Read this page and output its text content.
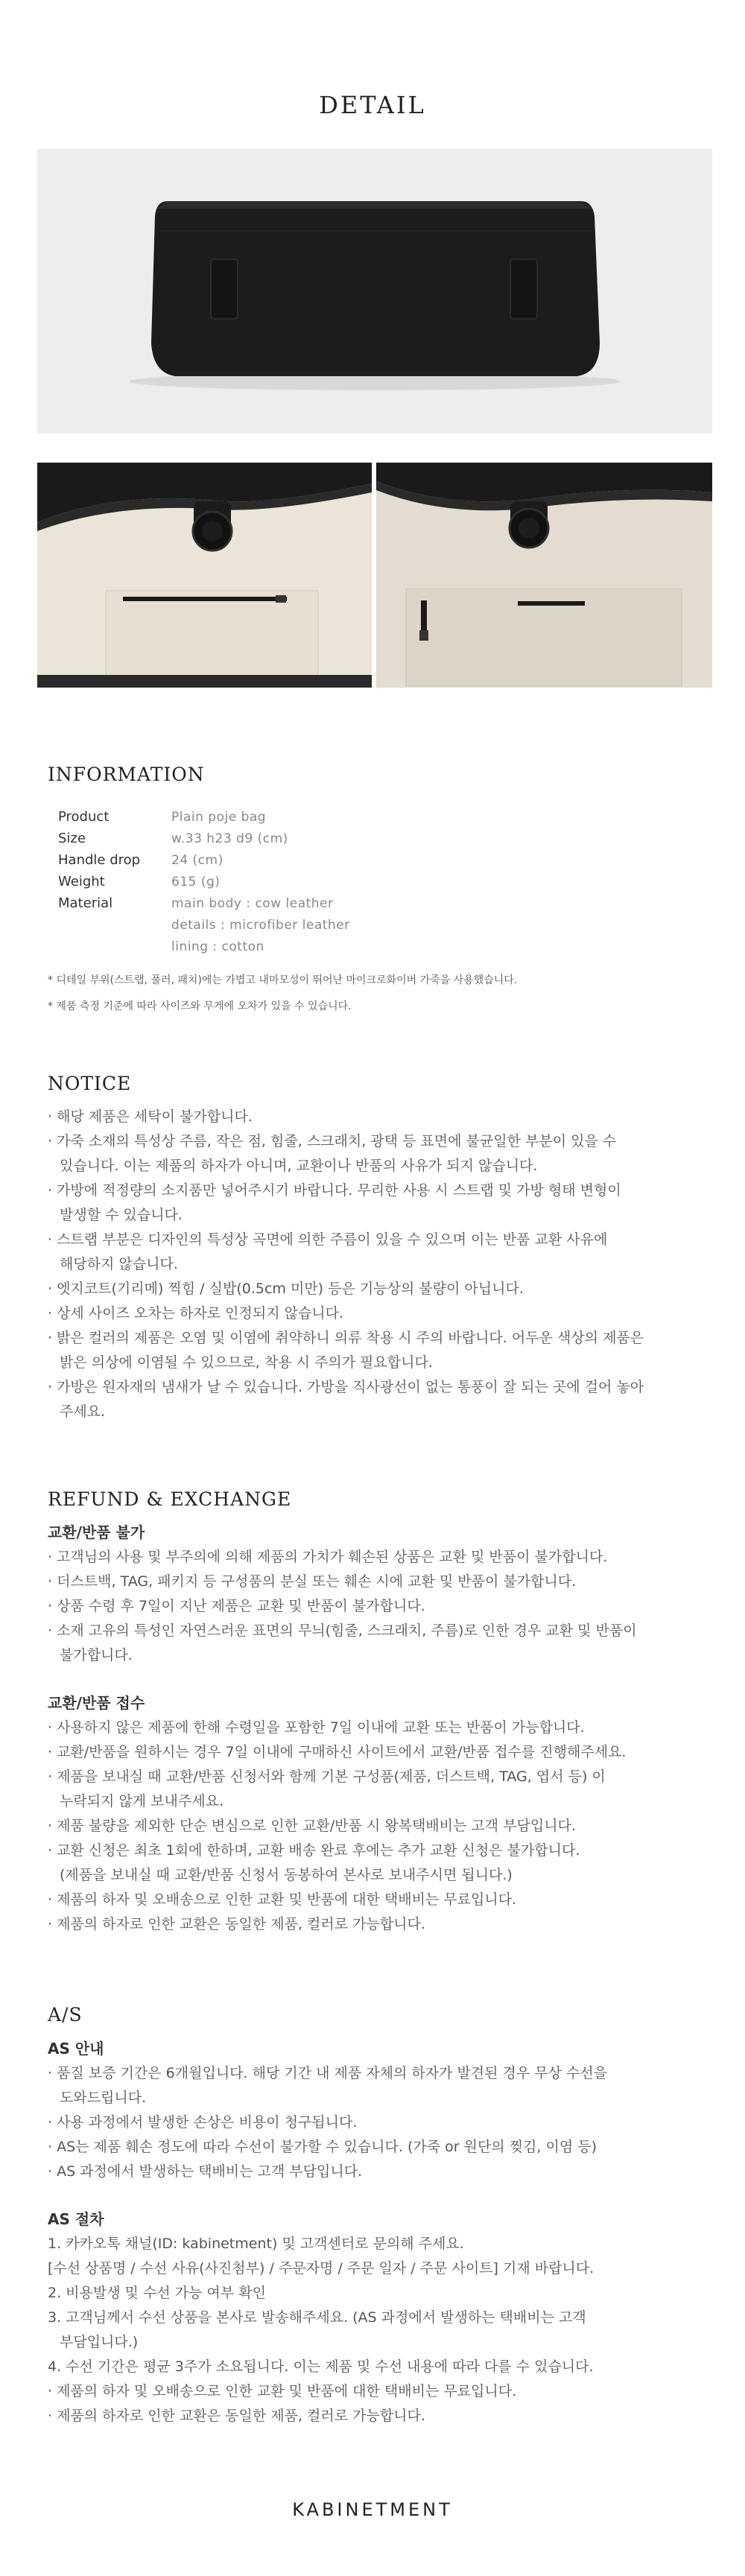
DETAIL
INFORMATION
Product	Plain poje bag
Size	w.33 h23 d9 (cm)
Handle drop	24 (cm)
Weight	615 (g)
Material	main body : cow leather
details : microfiber leather
lining : cotton
* 디테일 부위(스트랩, 풀러, 패치)에는 가볍고 내마모성이 뛰어난 마이크로화이버 가죽을 사용했습니다.
* 제품 측정 기준에 따라 사이즈와 무게에 오차가 있을 수 있습니다.
NOTICE
· 해당 제품은 세탁이 불가합니다.
· 가죽 소재의 특성상 주름, 작은 점, 힘줄, 스크래치, 광택 등 표면에 불균일한 부분이 있을 수
있습니다. 이는 제품의 하자가 아니며, 교환이나 반품의 사유가 되지 않습니다.
· 가방에 적정량의 소지품만 넣어주시기 바랍니다. 무리한 사용 시 스트랩 및 가방 형태 변형이
발생할 수 있습니다.
· 스트랩 부분은 디자인의 특성상 곡면에 의한 주름이 있을 수 있으며 이는 반품 교환 사유에
해당하지 않습니다.
· 엣지코트(기리메) 찍힘 / 실밥(0.5cm 미만) 등은 기능상의 불량이 아닙니다.
· 상세 사이즈 오차는 하자로 인정되지 않습니다.
· 밝은 컬러의 제품은 오염 및 이염에 취약하니 의류 착용 시 주의 바랍니다. 어두운 색상의 제품은
밝은 의상에 이염될 수 있으므로, 착용 시 주의가 필요합니다.
· 가방은 원자재의 냄새가 날 수 있습니다. 가방을 직사광선이 없는 통풍이 잘 되는 곳에 걸어 놓아
주세요.
REFUND & EXCHANGE
교환/반품 불가
· 고객님의 사용 및 부주의에 의해 제품의 가치가 훼손된 상품은 교환 및 반품이 불가합니다.
· 더스트백, TAG, 패키지 등 구성품의 분실 또는 훼손 시에 교환 및 반품이 불가합니다.
· 상품 수령 후 7일이 지난 제품은 교환 및 반품이 불가합니다.
· 소재 고유의 특성인 자연스러운 표면의 무늬(힘줄, 스크래치, 주름)로 인한 경우 교환 및 반품이
불가합니다.
교환/반품 접수
· 사용하지 않은 제품에 한해 수령일을 포함한 7일 이내에 교환 또는 반품이 가능합니다.
· 교환/반품을 원하시는 경우 7일 이내에 구매하신 사이트에서 교환/반품 접수를 진행해주세요.
· 제품을 보내실 때 교환/반품 신청서와 함께 기본 구성품(제품, 더스트백, TAG, 엽서 등) 이
누락되지 않게 보내주세요.
· 제품 불량을 제외한 단순 변심으로 인한 교환/반품 시 왕복택배비는 고객 부담입니다.
· 교환 신청은 최초 1회에 한하며, 교환 배송 완료 후에는 추가 교환 신청은 불가합니다.
(제품을 보내실 때 교환/반품 신청서 동봉하여 본사로 보내주시면 됩니다.)
· 제품의 하자 및 오배송으로 인한 교환 및 반품에 대한 택배비는 무료입니다.
· 제품의 하자로 인한 교환은 동일한 제품, 컬러로 가능합니다.
A/S
AS 안내
· 품질 보증 기간은 6개월입니다. 해당 기간 내 제품 자체의 하자가 발견된 경우 무상 수선을
도와드립니다.
· 사용 과정에서 발생한 손상은 비용이 청구됩니다.
· AS는 제품 훼손 정도에 따라 수선이 불가할 수 있습니다. (가죽 or 원단의 찢김, 이염 등)
· AS 과정에서 발생하는 택배비는 고객 부담입니다.
AS 절차
1. 카카오톡 채널(ID: kabinetment) 및 고객센터로 문의해 주세요.
[수선 상품명 / 수선 사유(사진첨부) / 주문자명 / 주문 일자 / 주문 사이트] 기재 바랍니다.
2. 비용발생 및 수선 가능 여부 확인
3. 고객님께서 수선 상품을 본사로 발송해주세요. (AS 과정에서 발생하는 택배비는 고객
부담입니다.)
4. 수선 기간은 평균 3주가 소요됩니다. 이는 제품 및 수선 내용에 따라 다를 수 있습니다.
· 제품의 하자 및 오배송으로 인한 교환 및 반품에 대한 택배비는 무료입니다.
· 제품의 하자로 인한 교환은 동일한 제품, 컬러로 가능합니다.
KABINETMENT
